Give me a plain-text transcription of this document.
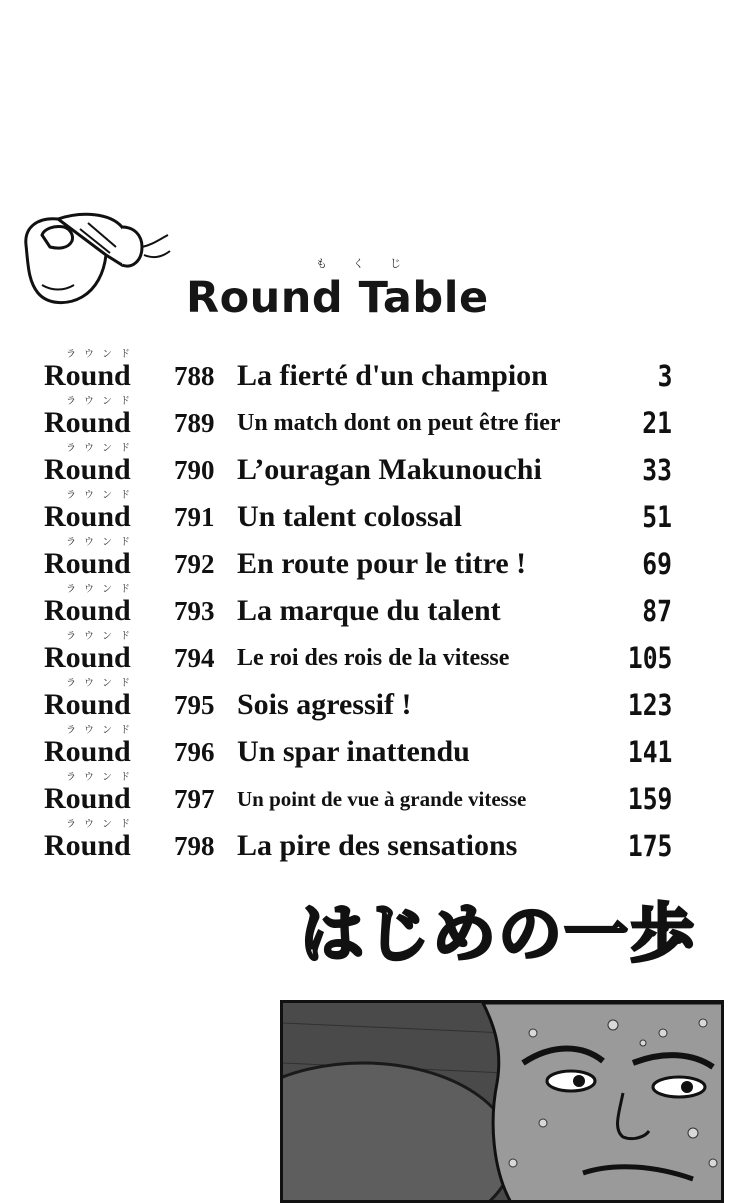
もくじ
Round Table
ラウンド
Round 788 La fierté d'un champion	3
ラウンド
Round 789 Un match dont on peut être fier	21
ラウンド
Round 790 L’ouragan Makunouchi	33
ラウンド
Round 791 Un talent colossal	51
ラウンド
Round 792 En route pour le titre !	69
ラウンド
Round 793 La marque du talent	87
ラウンド
Round 794 Le roi des rois de la vitesse	105
ラウンド
Round 795 Sois agressif !	123
ラウンド
Round 796 Un spar inattendu	141
ラウンド
Round 797 Un point de vue à grande vitesse	159
ラウンド
Round 798 La pire des sensations	175
はじめの一歩
